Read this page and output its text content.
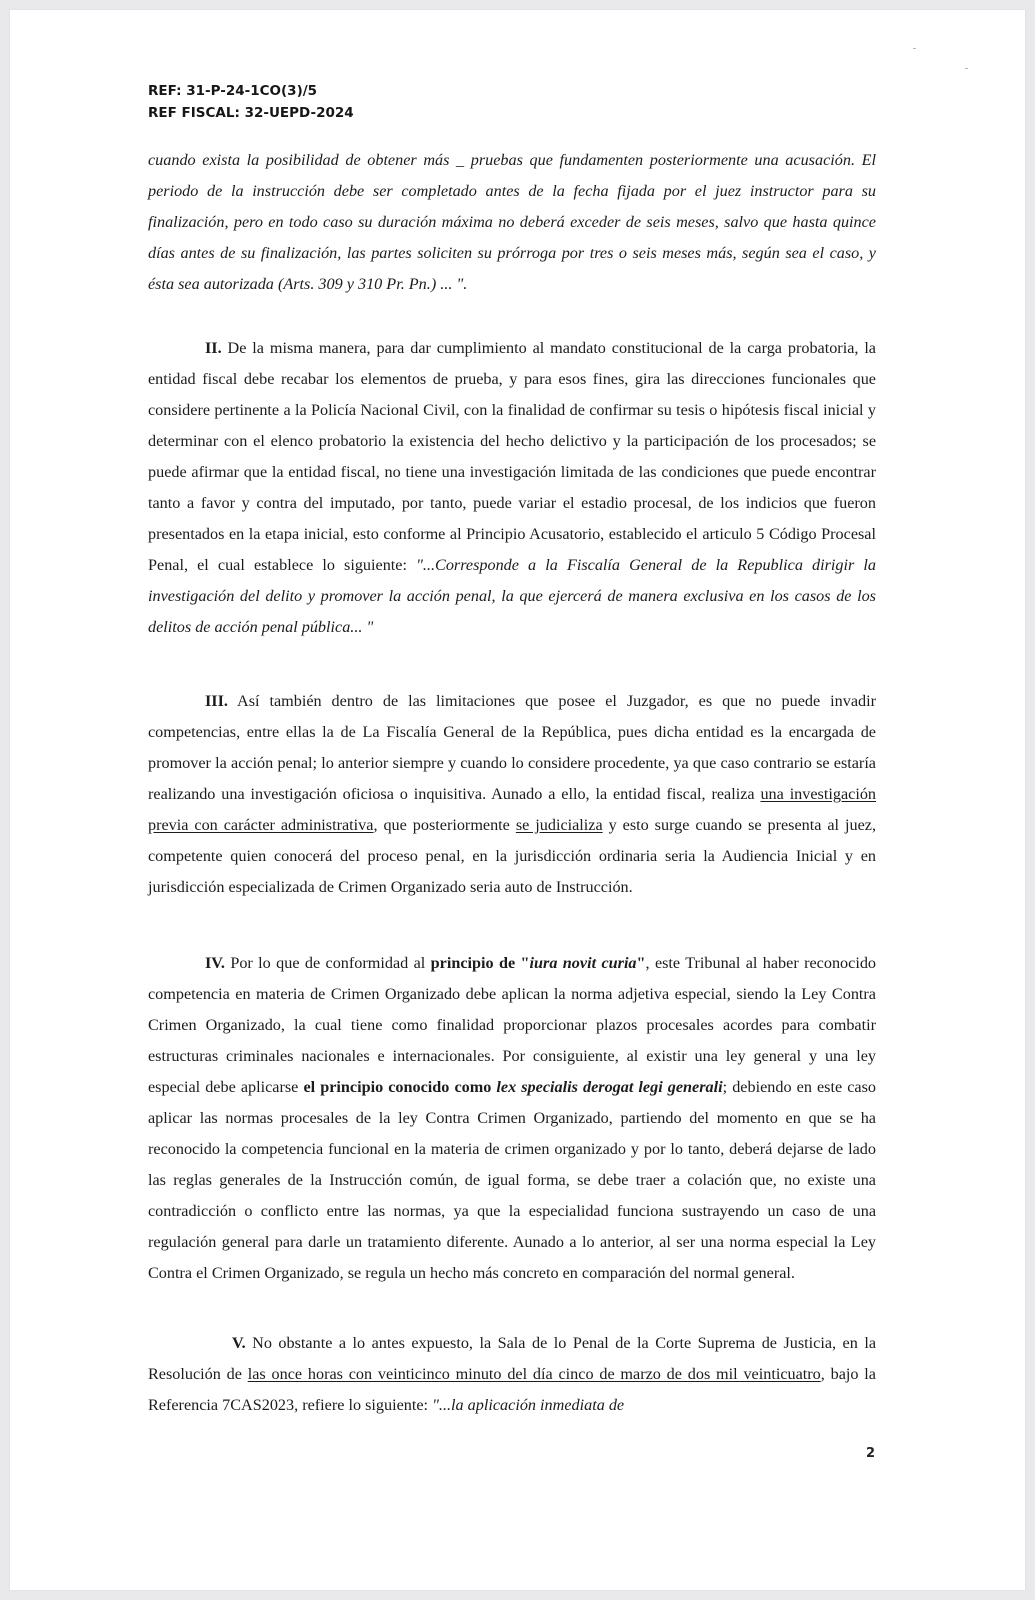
REF: 31-P-24-1CO(3)/5
REF FISCAL: 32-UEPD-2024

cuando exista la posibilidad de obtener más _ pruebas que fundamenten posteriormente una acusación. El periodo de la instrucción debe ser completado antes de la fecha fijada por el juez instructor para su finalización, pero en todo caso su duración máxima no deberá exceder de seis meses, salvo que hasta quince días antes de su finalización, las partes soliciten su prórroga por tres o seis meses más, según sea el caso, y ésta sea autorizada (Arts. 309 y 310 Pr. Pn.) ... ".

II. De la misma manera, para dar cumplimiento al mandato constitucional de la carga probatoria, la entidad fiscal debe recabar los elementos de prueba, y para esos fines, gira las direcciones funcionales que considere pertinente a la Policía Nacional Civil, con la finalidad de confirmar su tesis o hipótesis fiscal inicial y determinar con el elenco probatorio la existencia del hecho delictivo y la participación de los procesados; se puede afirmar que la entidad fiscal, no tiene una investigación limitada de las condiciones que puede encontrar tanto a favor y contra del imputado, por tanto, puede variar el estadio procesal, de los indicios que fueron presentados en la etapa inicial, esto conforme al Principio Acusatorio, establecido el articulo 5 Código Procesal Penal, el cual establece lo siguiente: "...Corresponde a la Fiscalía General de la Republica dirigir la investigación del delito y promover la acción penal, la que ejercerá de manera exclusiva en los casos de los delitos de acción penal pública... "

III. Así también dentro de las limitaciones que posee el Juzgador, es que no puede invadir competencias, entre ellas la de La Fiscalía General de la República, pues dicha entidad es la encargada de promover la acción penal; lo anterior siempre y cuando lo considere procedente, ya que caso contrario se estaría realizando una investigación oficiosa o inquisitiva. Aunado a ello, la entidad fiscal, realiza una investigación previa con carácter administrativa, que posteriormente se judicializa y esto surge cuando se presenta al juez, competente quien conocerá del proceso penal, en la jurisdicción ordinaria seria la Audiencia Inicial y en jurisdicción especializada de Crimen Organizado seria auto de Instrucción.

IV. Por lo que de conformidad al principio de "iura novit curia", este Tribunal al haber reconocido competencia en materia de Crimen Organizado debe aplican la norma adjetiva especial, siendo la Ley Contra Crimen Organizado, la cual tiene como finalidad proporcionar plazos procesales acordes para combatir estructuras criminales nacionales e internacionales. Por consiguiente, al existir una ley general y una ley especial debe aplicarse el principio conocido como lex specialis derogat legi generali; debiendo en este caso aplicar las normas procesales de la ley Contra Crimen Organizado, partiendo del momento en que se ha reconocido la competencia funcional en la materia de crimen organizado y por lo tanto, deberá dejarse de lado las reglas generales de la Instrucción común, de igual forma, se debe traer a colación que, no existe una contradicción o conflicto entre las normas, ya que la especialidad funciona sustrayendo un caso de una regulación general para darle un tratamiento diferente. Aunado a lo anterior, al ser una norma especial la Ley Contra el Crimen Organizado, se regula un hecho más concreto en comparación del normal general.

V. No obstante a lo antes expuesto, la Sala de lo Penal de la Corte Suprema de Justicia, en la Resolución de las once horas con veinticinco minuto del día cinco de marzo de dos mil veinticuatro, bajo la Referencia 7CAS2023, refiere lo siguiente: "...la aplicación inmediata de

2
